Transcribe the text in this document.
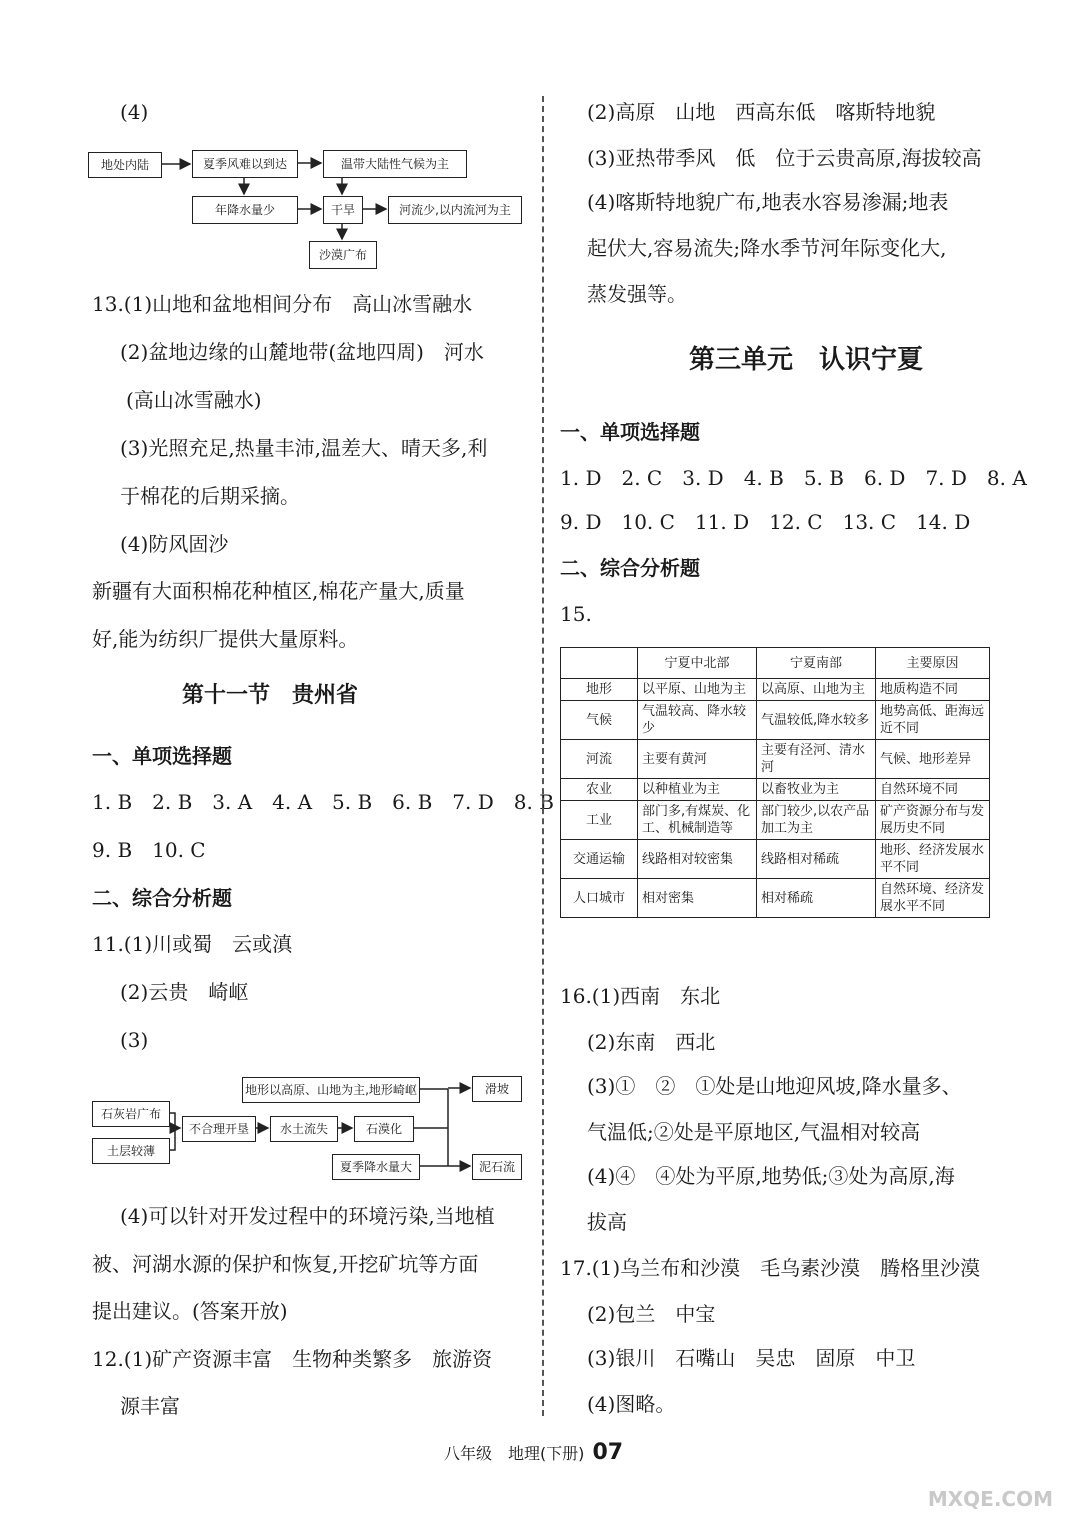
(4)
地处内陆	夏季风难以到达	温带大陆性气候为主
年降水量少	干旱	河流少,以内流河为主
沙漠广布
13.(1)山地和盆地相间分布　高山冰雪融水
(2)盆地边缘的山麓地带(盆地四周)　河水
(高山冰雪融水)
(3)光照充足,热量丰沛,温差大、晴天多,利
于棉花的后期采摘。
(4)防风固沙
新疆有大面积棉花种植区,棉花产量大,质量
好,能为纺织厂提供大量原料。
第十一节　贵州省
一、单项选择题
1. B　2. B　3. A　4. A　5. B　6. B　7. D　8. B
9. B　10. C
二、综合分析题
11.(1)川或蜀　云或滇
(2)云贵　崎岖
(3)
石灰岩广布
土层较薄
不合理开垦	水土流失	石漠化
地形以高原、山地为主,地形崎岖
夏季降水量大
滑坡
泥石流
(4)可以针对开发过程中的环境污染,当地植
被、河湖水源的保护和恢复,开挖矿坑等方面
提出建议。(答案开放)
12.(1)矿产资源丰富　生物种类繁多　旅游资
源丰富
(2)高原　山地　西高东低　喀斯特地貌
(3)亚热带季风　低　位于云贵高原,海拔较高
(4)喀斯特地貌广布,地表水容易渗漏;地表
起伏大,容易流失;降水季节河年际变化大,
蒸发强等。
第三单元　认识宁夏
一、单项选择题
1. D　2. C　3. D　4. B　5. B　6. D　7. D　8. A
9. D　10. C　11. D　12. C　13. C　14. D
二、综合分析题
15.
	宁夏中北部	宁夏南部	主要原因
地形	以平原、山地为主	以高原、山地为主	地质构造不同
气候	气温较高、降水较少	气温较低,降水较多	地势高低、距海远近不同
河流	主要有黄河	主要有泾河、清水河	气候、地形差异
农业	以种植业为主	以畜牧业为主	自然环境不同
工业	部门多,有煤炭、化工、机械制造等	部门较少,以农产品加工为主	矿产资源分布与发展历史不同
交通运输	线路相对较密集	线路相对稀疏	地形、经济发展水平不同
人口城市	相对密集	相对稀疏	自然环境、经济发展水平不同
16.(1)西南　东北
(2)东南　西北
(3)①　②　①处是山地迎风坡,降水量多、
气温低;②处是平原地区,气温相对较高
(4)④　④处为平原,地势低;③处为高原,海
拔高
17.(1)乌兰布和沙漠　毛乌素沙漠　腾格里沙漠
(2)包兰　中宝
(3)银川　石嘴山　吴忠　固原　中卫
(4)图略。
八年级　地理(下册) 07
MXQE.COM
